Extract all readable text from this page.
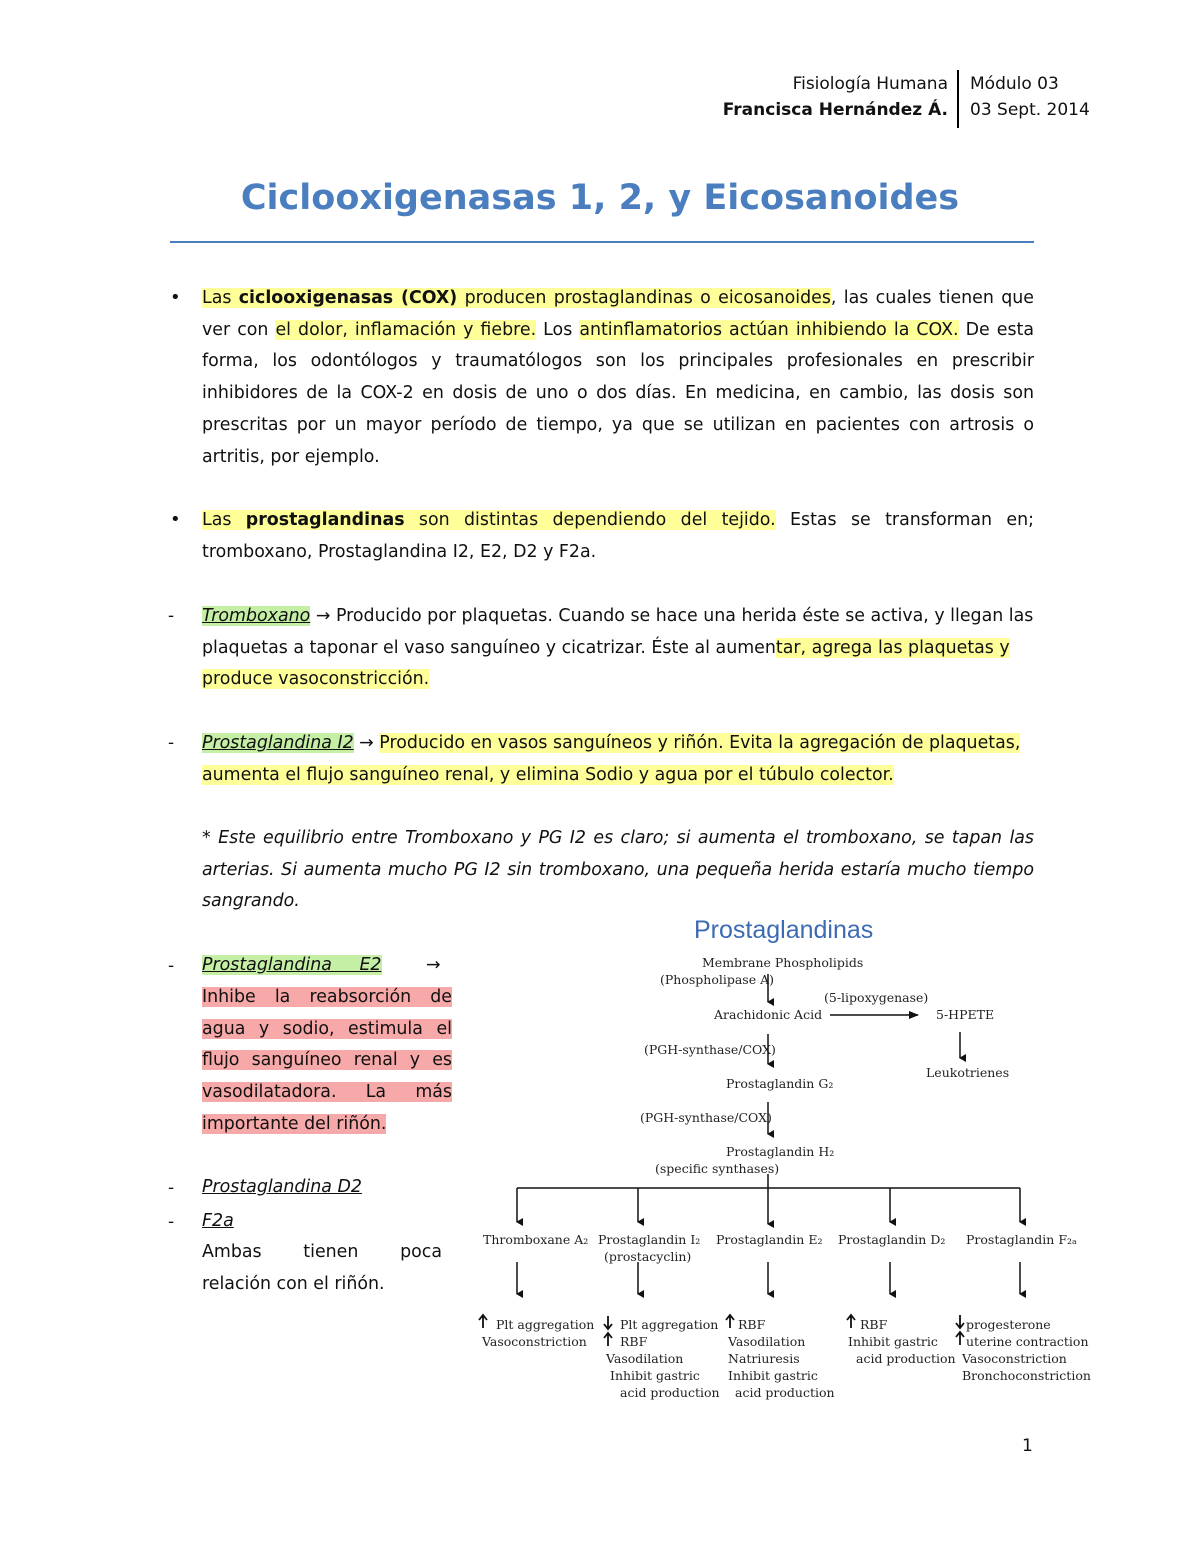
Fisiología Humana
Francisca Hernández Á.
Módulo 03
03 Sept. 2014
Ciclooxigenasas 1, 2, y Eicosanoides
• Las ciclooxigenasas (COX) producen prostaglandinas o eicosanoides, las cuales tienen que ver con el dolor, inflamación y fiebre. Los antinflamatorios actúan inhibiendo la COX. De esta forma, los odontólogos y traumatólogos son los principales profesionales en prescribir inhibidores de la COX-2 en dosis de uno o dos días. En medicina, en cambio, las dosis son prescritas por un mayor período de tiempo, ya que se utilizan en pacientes con artrosis o artritis, por ejemplo.
• Las prostaglandinas son distintas dependiendo del tejido. Estas se transforman en; tromboxano, Prostaglandina I2, E2, D2 y F2a.
- Tromboxano → Producido por plaquetas. Cuando se hace una herida éste se activa, y llegan las plaquetas a taponar el vaso sanguíneo y cicatrizar. Éste al aumentar, agrega las plaquetas y produce vasoconstricción.
- Prostaglandina I2 → Producido en vasos sanguíneos y riñón. Evita la agregación de plaquetas, aumenta el flujo sanguíneo renal, y elimina Sodio y agua por el túbulo colector.
* Este equilibrio entre Tromboxano y PG I2 es claro; si aumenta el tromboxano, se tapan las arterias. Si aumenta mucho PG I2 sin tromboxano, una pequeña herida estaría mucho tiempo sangrando.
- Prostaglandina E2	→
Inhibe la reabsorción de agua y sodio, estimula el flujo sanguíneo renal y es vasodilatadora. La más importante del riñón.
- Prostaglandina D2
- F2a
Ambas tienen poca relación con el riñón.
Prostaglandinas
Membrane Phospholipids
(Phospholipase A)
(5-lipoxygenase)
Arachidonic Acid	5-HPETE
(PGH-synthase/COX)
Leukotrienes
Prostaglandin G₂
(PGH-synthase/COX)
Prostaglandin H₂
(specific synthases)
Thromboxane A₂ Prostaglandin I₂
(prostacyclin)
Prostaglandin E₂ Prostaglandin D₂ Prostaglandin F₂ₐ
Plt aggregation
Vasoconstriction
Plt aggregation
RBF
Vasodilation
Inhibit gastric
acid production
RBF
Vasodilation
Natriuresis
Inhibit gastric
acid production
RBF
Inhibit gastric
acid production
progesterone
uterine contraction
Vasoconstriction
Bronchoconstriction
1
